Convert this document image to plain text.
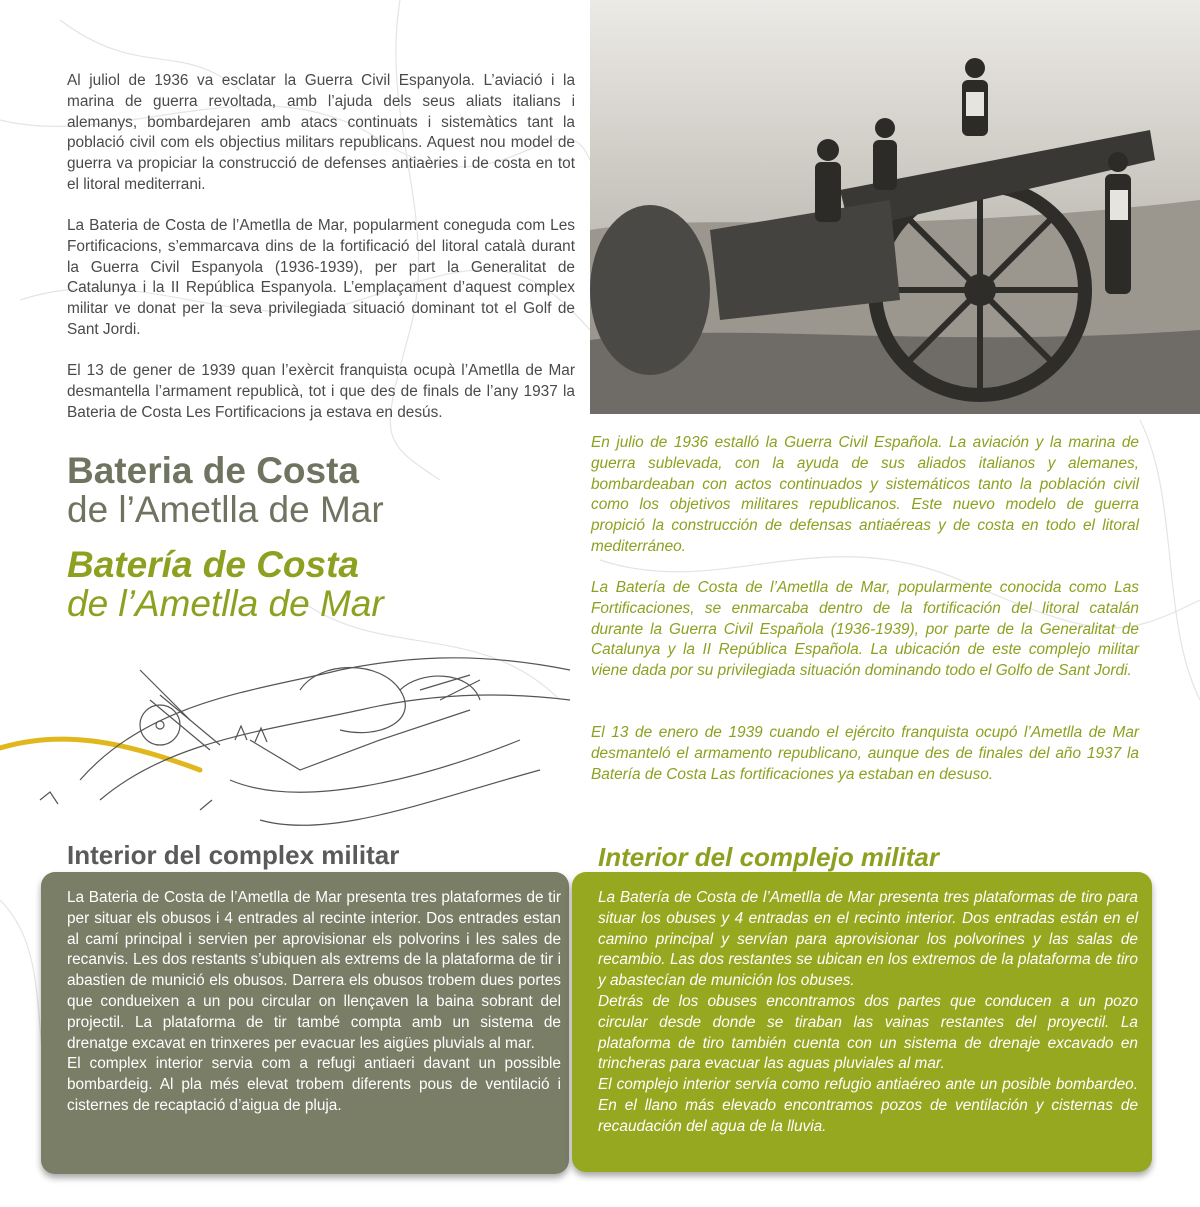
Al juliol de 1936 va esclatar la Guerra Civil Espanyola. L’aviació i la marina de guerra revoltada, amb l’ajuda dels seus aliats italians i alemanys, bombardejaren amb atacs continuats i sistemàtics tant la població civil com els objectius militars republicans. Aquest nou model de guerra va propiciar la construcció de defenses antiaèries i de costa en tot el litoral mediterrani.

La Bateria de Costa de l’Ametlla de Mar, popularment coneguda com Les Fortificacions, s’emmarcava dins de la fortificació del litoral català durant la Guerra Civil Espanyola (1936-1939), per part la Generalitat de Catalunya i la II República Espanyola. L’emplaçament d’aquest complex militar ve donat per la seva privilegiada situació dominant tot el Golf de Sant Jordi.

El 13 de gener de 1939 quan l’exèrcit franquista ocupà l’Ametlla de Mar desmantella l’armament republicà, tot i que des de finals de l’any 1937 la Bateria de Costa Les Fortificacions ja estava en desús.

En julio de 1936 estalló la Guerra Civil Española. La aviación y la marina de guerra sublevada, con la ayuda de sus aliados italianos y alemanes, bombardeaban con actos continuados y sistemáticos tanto la población civil como los objetivos militares republicanos. Este nuevo modelo de guerra propició la construcción de defensas antiaéreas y de costa en todo el litoral mediterráneo.

La Batería de Costa de l’Ametlla de Mar, popularmente conocida como Las Fortificaciones, se enmarcaba dentro de la fortificación del litoral catalán durante la Guerra Civil Española (1936-1939), por parte de la Generalitat de Catalunya y la II República Española. La ubicación de este complejo militar viene dada por su privilegiada situación dominando todo el Golfo de Sant Jordi.

El 13 de enero de 1939 cuando el ejército franquista ocupó l’Ametlla de Mar desmanteló el armamento republicano, aunque des de finales del año 1937 la Batería de Costa Las fortificaciones ya estaban en desuso.

Bateria de Costa
de l’Ametlla de Mar
Batería de Costa
de l’Ametlla de Mar
Interior del complex militar	Interior del complejo militar

La Bateria de Costa de l’Ametlla de Mar presenta tres plataformes de tir per situar els obusos i 4 entrades al recinte interior. Dos entrades estan al camí principal i servien per aprovisionar els polvorins i les sales de recanvis. Les dos restants s’ubiquen als extrems de la plataforma de tir i abastien de munició els obusos. Darrera els obusos trobem dues portes que condueixen a un pou circular on llençaven la baina sobrant del projectil. La plataforma de tir també compta amb un sistema de drenatge excavat en trinxeres per evacuar les aigües pluvials al mar.
El complex interior servia com a refugi antiaeri davant un possible bombardeig. Al pla més elevat trobem diferents pous de ventilació i cisternes de recaptació d’aigua de pluja.

La Batería de Costa de l’Ametlla de Mar presenta tres plataformas de tiro para situar los obuses y 4 entradas en el recinto interior. Dos entradas están en el camino principal y servían para aprovisionar los polvorines y las salas de recambio. Las dos restantes se ubican en los extremos de la plataforma de tiro y abastecían de munición los obuses.
Detrás de los obuses encontramos dos partes que conducen a un pozo circular desde donde se tiraban las vainas restantes del proyectil. La plataforma de tiro también cuenta con un sistema de drenaje excavado en trincheras para evacuar las aguas pluviales al mar.
El complejo interior servía como refugio antiaéreo ante un posible bombardeo. En el llano más elevado encontramos pozos de ventilación y cisternas de recaudación del agua de la lluvia.
